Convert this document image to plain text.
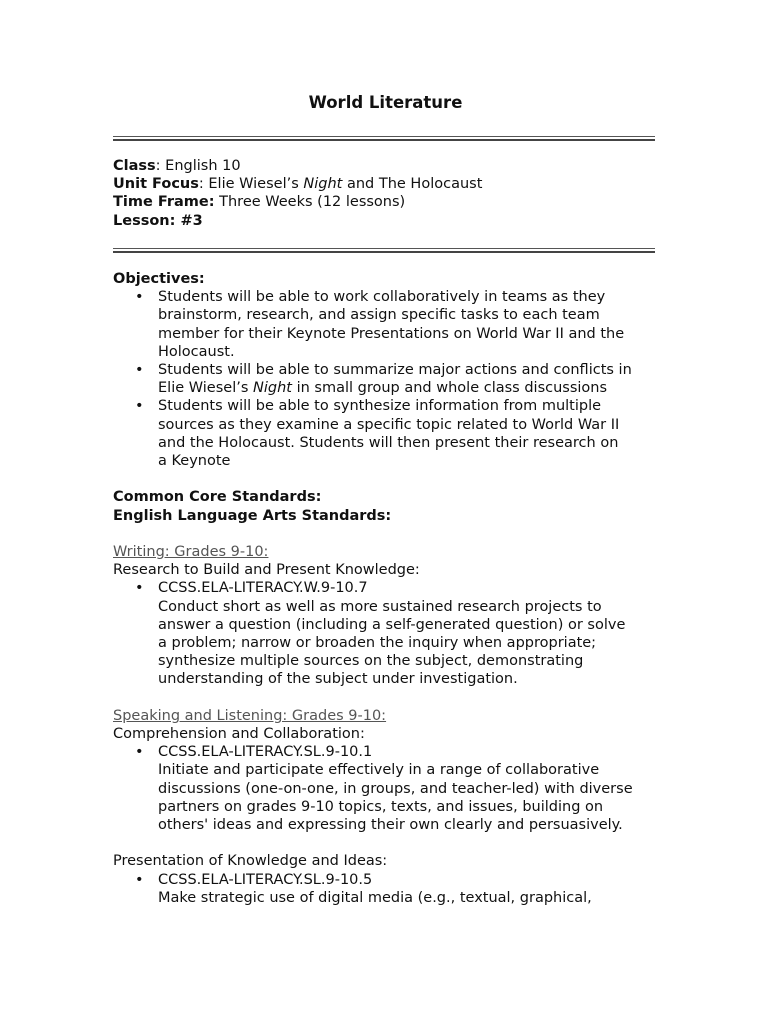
World Literature
Class: English 10
Unit Focus: Elie Wiesel’s Night and The Holocaust
Time Frame: Three Weeks (12 lessons)
Lesson: #3
Objectives:
• Students will be able to work collaboratively in teams as they
brainstorm, research, and assign specific tasks to each team
member for their Keynote Presentations on World War II and the
Holocaust.
• Students will be able to summarize major actions and conflicts in
Elie Wiesel’s Night in small group and whole class discussions
• Students will be able to synthesize information from multiple
sources as they examine a specific topic related to World War II
and the Holocaust. Students will then present their research on
a Keynote
Common Core Standards:
English Language Arts Standards:
Writing: Grades 9-10:
Research to Build and Present Knowledge:
• CCSS.ELA-LITERACY.W.9-10.7
Conduct short as well as more sustained research projects to
answer a question (including a self-generated question) or solve
a problem; narrow or broaden the inquiry when appropriate;
synthesize multiple sources on the subject, demonstrating
understanding of the subject under investigation.
Speaking and Listening: Grades 9-10:
Comprehension and Collaboration:
• CCSS.ELA-LITERACY.SL.9-10.1
Initiate and participate effectively in a range of collaborative
discussions (one-on-one, in groups, and teacher-led) with diverse
partners on grades 9-10 topics, texts, and issues, building on
others' ideas and expressing their own clearly and persuasively.
Presentation of Knowledge and Ideas:
• CCSS.ELA-LITERACY.SL.9-10.5
Make strategic use of digital media (e.g., textual, graphical,
